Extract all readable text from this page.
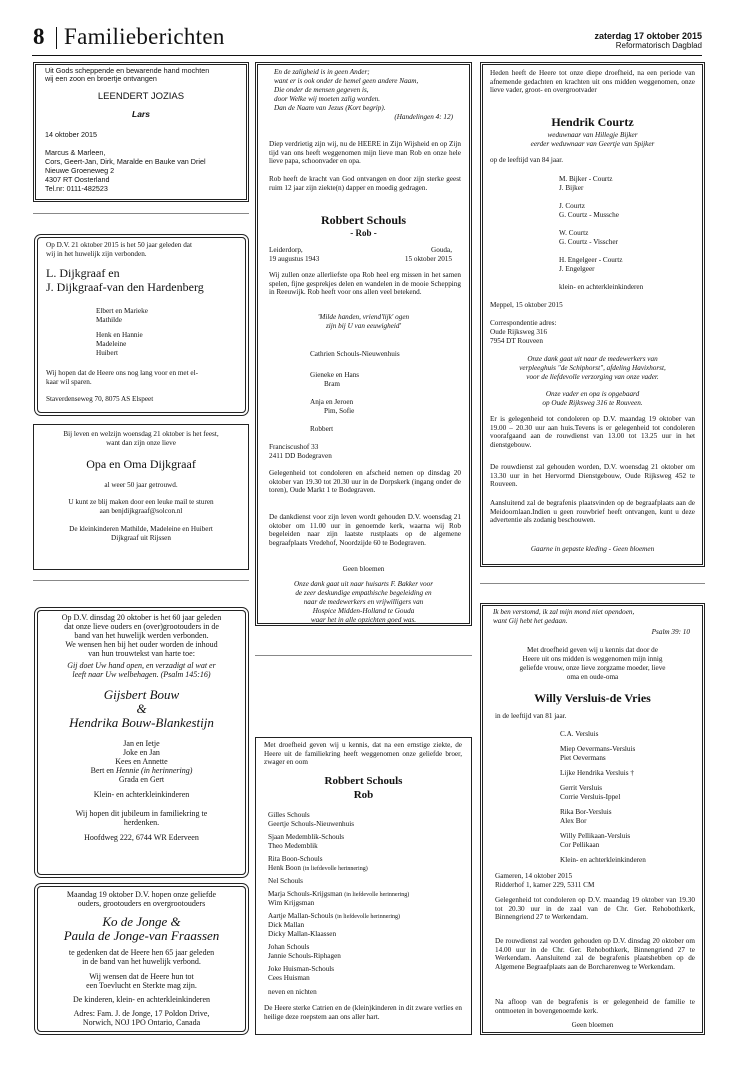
8 Familieberichten	zaterdag 17 oktober 2015
Reformatorisch Dagblad
Uit Gods scheppende en bewarende hand mochten
wij een zoon en broertje ontvangen
LEENDERT JOZIAS
Lars
14 oktober 2015
Marcus & Marleen,
Cors, Geert-Jan, Dirk, Maralde en Bauke van Driel
Nieuwe Groeneweg 2
4307 RT Oosterland
Tel.nr: 0111-482523
Op D.V. 21 oktober 2015 is het 50 jaar geleden dat
wij in het huwelijk zijn verbonden.
L. Dijkgraaf en
J. Dijkgraaf-van den Hardenberg
Elbert en Marieke
Mathilde
Henk en Hannie
Madeleine
Huibert
Wij hopen dat de Heere ons nog lang voor en met el-
kaar wil sparen.
Staverdenseweg 70, 8075 AS Elspeet
Bij leven en welzijn woensdag 21 oktober is het feest,
want dan zijn onze lieve
Opa en Oma Dijkgraaf
al weer 50 jaar getrouwd.
U kunt ze blij maken door een leuke mail te sturen
aan benjdijkgraaf@solcon.nl
De kleinkinderen Mathilde, Madeleine en Huibert
Dijkgraaf uit Rijssen
Op D.V. dinsdag 20 oktober is het 60 jaar geleden
dat onze lieve ouders en (over)grootouders in de
band van het huwelijk werden verbonden.
We wensen hen bij het ouder worden de inhoud
van hun trouwtekst van harte toe:
Gij doet Uw hand open, en verzadigt al wat er
leeft naar Uw welbehagen. (Psalm 145:16)
Gijsbert Bouw
&
Hendrika Bouw-Blankestijn
Jan en Ietje
Joke en Jan
Kees en Annette
Bert en Hennie (in herinnering)
Grada en Gert
Klein- en achterkleinkinderen
Wij hopen dit jubileum in familiekring te
herdenken.
Hoofdweg 222, 6744 WR Ederveen
Maandag 19 oktober D.V. hopen onze geliefde
ouders, grootouders en overgrootouders
Ko de Jonge &
Paula de Jonge-van Fraassen
te gedenken dat de Heere hen 65 jaar geleden
in de band van het huwelijk verbond.
Wij wensen dat de Heere hun tot
een Toevlucht en Sterkte mag zijn.
De kinderen, klein- en achterkleinkinderen
Adres: Fam. J. de Jonge, 17 Poldon Drive,
Norwich, NOJ 1PO Ontario, Canada
En de zaligheid is in geen Ander;
want er is ook onder de hemel geen andere Naam,
Die onder de mensen gegeven is,
door Welke wij moeten zalig worden.
Dan de Naam van Jezus (Kort begrip).
(Handelingen 4: 12)
Diep verdrietig zijn wij, nu de HEERE in Zijn Wijsheid en op Zijn tijd van ons heeft weggenomen mijn lieve man Rob en onze hele lieve papa, schoonvader en opa.
Rob heeft de kracht van God ontvangen en door zijn sterke geest ruim 12 jaar zijn ziekte(n) dapper en moedig gedragen.
Robbert Schouls
- Rob -
Leiderdorp,	Gouda,
19 augustus 1943	15 oktober 2015
Wij zullen onze allerliefste opa Rob heel erg missen in het samen spelen, fijne gesprekjes delen en wandelen in de mooie Schepping in Reeuwijk. Rob heeft voor ons allen veel betekend.
'Milde handen, vriend'lijk' ogen
zijn bij U van eeuwigheid'
Cathrien Schouls-Nieuwenhuis
Gieneke en Hans
Bram
Anja en Jeroen
Pim, Sofie
Robbert
Franciscushof 33
2411 DD Bodegraven
Gelegenheid tot condoleren en afscheid nemen op dinsdag 20 oktober van 19.30 tot 20.30 uur in de Dorpskerk (ingang onder de toren), Oude Markt 1 te Bodegraven.
De dankdienst voor zijn leven wordt gehouden D.V. woensdag 21 oktober om 11.00 uur in genoemde kerk, waarna wij Rob begeleiden naar zijn laatste rustplaats op de algemene begraafplaats Vredehof, Noordzijde 60 te Bodegraven.
Geen bloemen
Onze dank gaat uit naar huisarts F. Bakker voor
de zeer deskundige empathische begeleiding en
naar de medewerkers en vrijwilligers van
Hospice Midden-Holland te Gouda
waar het in alle opzichten goed was.
Met droefheid geven wij u kennis, dat na een ernstige ziekte, de Heere uit de familiekring heeft weggenomen onze geliefde broer, zwager en oom
Robbert Schouls
Rob
Gilles Schouls
Geertje Schouls-Nieuwenhuis
Sjaan Medemblik-Schouls
Theo Medemblik
Rita Boon-Schouls
Henk Boon (in liefdevolle herinnering)
Nel Schouls
Marja Schouls-Krijgsman (in liefdevolle herinnering)
Wim Krijgsman
Aartje Mallan-Schouls (in liefdevolle herinnering)
Dick Mallan
Dicky Mallan-Klaassen
Johan Schouls
Jannie Schouls-Riphagen
Joke Huisman-Schouls
Cees Huisman
neven en nichten
De Heere sterke Catrien en de (klein)kinderen in dit zware verlies en heilige deze roepstem aan ons aller hart.
Heden heeft de Heere tot onze diepe droefheid, na een periode van afnemende gedachten en krachten uit ons midden weggenomen, onze lieve vader, groot- en overgrootvader
Hendrik Courtz
weduwnaar van Hillegje Bijker
eerder weduwnaar van Geertje van Spijker
op de leeftijd van 84 jaar.
M. Bijker - Courtz
J. Bijker
J. Courtz
G. Courtz - Mussche
W. Courtz
G. Courtz - Visscher
H. Engelgeer - Courtz
J. Engelgeer
klein- en achterkleinkinderen
Meppel, 15 oktober 2015
Correspondentie adres:
Oude Rijksweg 316
7954 DT Rouveen
Onze dank gaat uit naar de medewerkers van
verpleeghuis "de Schiphorst", afdeling Havixhorst,
voor de liefdevolle verzorging van onze vader.
Onze vader en opa is opgebaard
op Oude Rijksweg 316 te Rouveen.
Er is gelegenheid tot condoleren op D.V. maandag 19 oktober van 19.00 – 20.30 uur aan huis.Tevens is er gelegenheid tot condoleren voorafgaand aan de rouwdienst van 13.00 tot 13.25 uur in het dienstgebouw.
De rouwdienst zal gehouden worden, D.V. woensdag 21 oktober om 13.30 uur in het Hervormd Dienstgebouw, Oude Rijksweg 452 te Rouveen.
Aansluitend zal de begrafenis plaatsvinden op de begraafplaats aan de Meidoornlaan.Indien u geen rouwbrief heeft ontvangen, kunt u deze advertentie als zodanig beschouwen.
Gaarne in gepaste kleding - Geen bloemen
Ik ben verstomd, ik zal mijn mond niet opendoen,
want Gij hebt het gedaan.
Psalm 39: 10
Met droefheid geven wij u kennis dat door de
Heere uit ons midden is weggenomen mijn innig
geliefde vrouw, onze lieve zorgzame moeder, lieve
oma en oude-oma
Willy Versluis-de Vries
in de leeftijd van 81 jaar.
C.A. Versluis
Miep Oevermans-Versluis
Piet Oevermans
Lijke Hendrika Versluis †
Gerrit Versluis
Corrie Versluis-Ippel
Rika Bor-Versluis
Alex Bor
Willy Pellikaan-Versluis
Cor Pellikaan
Klein- en achterkleinkinderen
Gameren, 14 oktober 2015
Ridderhof 1, kamer 229, 5311 CM
Gelegenheid tot condoleren op D.V. maandag 19 oktober van 19.30 tot 20.30 uur in de zaal van de Chr. Ger. Rehobothkerk, Binnengriend 27 te Werkendam.
De rouwdienst zal worden gehouden op D.V. dinsdag 20 oktober om 14.00 uur in de Chr. Ger. Rehobothkerk, Binnengriend 27 te Werkendam. Aansluitend zal de begrafenis plaatshebben op de Algemene Begraafplaats aan de Borcharenweg te Werkendam.
Na afloop van de begrafenis is er gelegenheid de familie te ontmoeten in bovengenoemde kerk.
Geen bloemen
